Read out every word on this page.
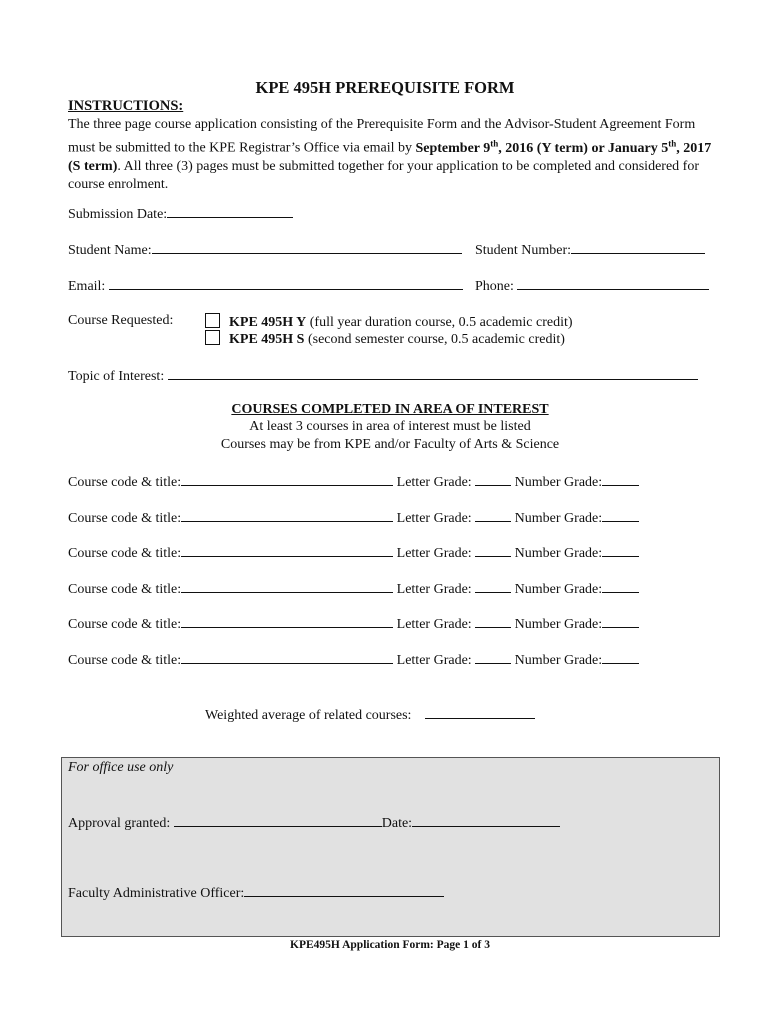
KPE 495H PREREQUISITE FORM
INSTRUCTIONS:
The three page course application consisting of the Prerequisite Form and the Advisor-Student Agreement Form must be submitted to the KPE Registrar’s Office via email by September 9th, 2016 (Y term) or January 5th, 2017 (S term). All three (3) pages must be submitted together for your application to be completed and considered for course enrolment.
Submission Date:
Student Name:	Student Number:
Email:	Phone:
Course Requested:	KPE 495H Y (full year duration course, 0.5 academic credit)
KPE 495H S (second semester course, 0.5 academic credit)
Topic of Interest:
COURSES COMPLETED IN AREA OF INTEREST
At least 3 courses in area of interest must be listed
Courses may be from KPE and/or Faculty of Arts & Science
Course code & title:	Letter Grade:	Number Grade:
Course code & title:	Letter Grade:	Number Grade:
Course code & title:	Letter Grade:	Number Grade:
Course code & title:	Letter Grade:	Number Grade:
Course code & title:	Letter Grade:	Number Grade:
Course code & title:	Letter Grade:	Number Grade:
Weighted average of related courses:
For office use only
Approval granted:	Date:
Faculty Administrative Officer:
KPE495H Application Form: Page 1 of 3
